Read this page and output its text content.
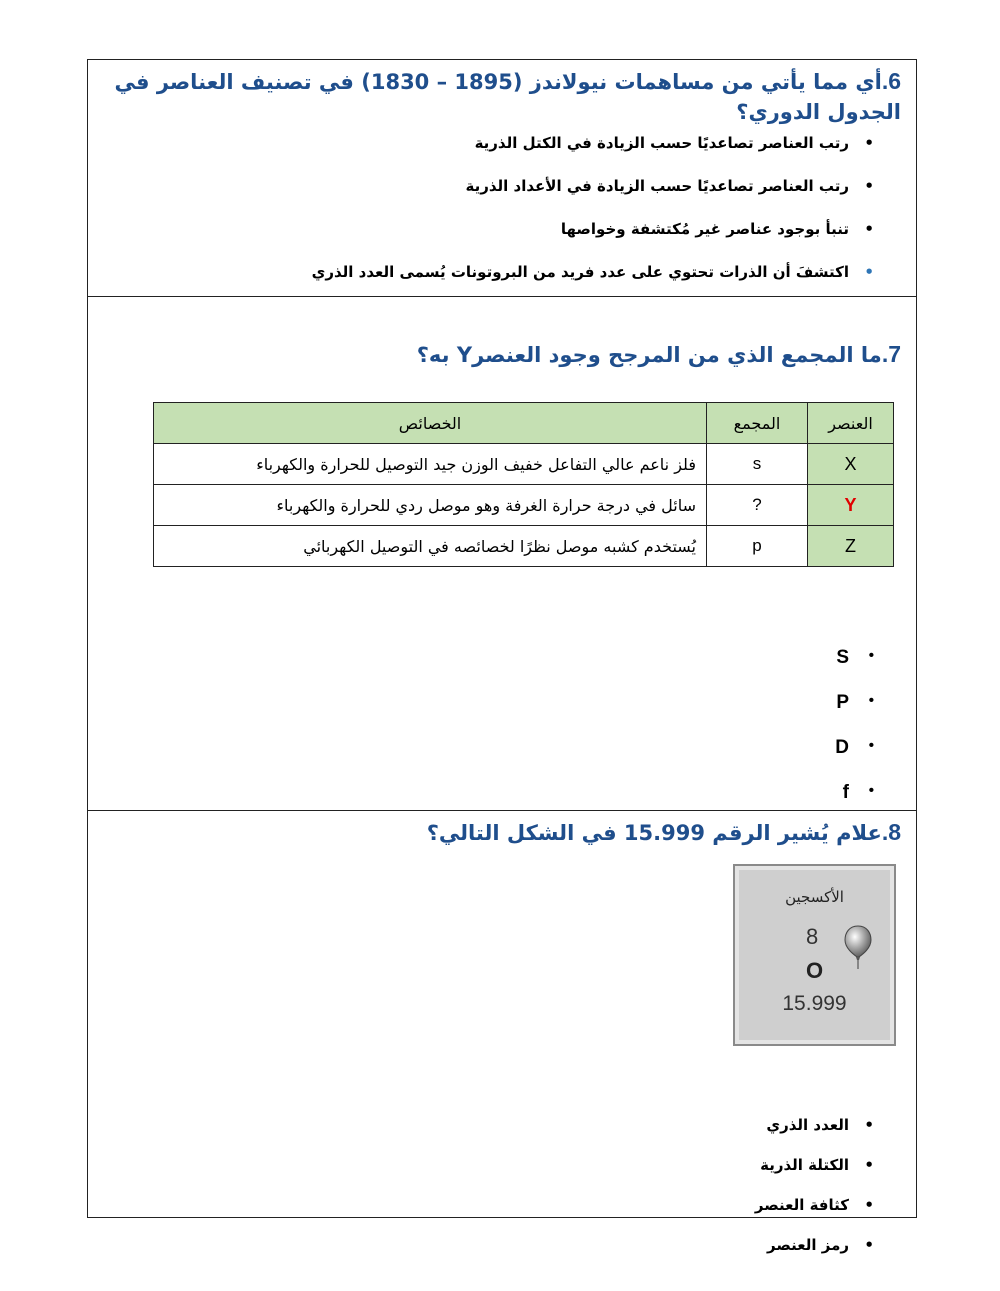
6.أي مما يأتي من مساهمات نيولاندز (1895 – 1830) في تصنيف العناصر في الجدول الدوري؟
• رتب العناصر تصاعديًا حسب الزيادة في الكتل الذرية
• رتب العناصر تصاعديًا حسب الزيادة في الأعداد الذرية
• تنبأ بوجود عناصر غير مُكتشفة وخواصها
• اكتشفَ أن الذرات تحتوي على عدد فريد من البروتونات يُسمى العدد الذري
7.ما المجمع الذي من المرجح وجود العنصرY به؟
العنصر	المجمع	الخصائص
X	s	فلز ناعم عالي التفاعل خفيف الوزن جيد التوصيل للحرارة والكهرباء
Y	?	سائل في درجة حرارة الغرفة وهو موصل ردي للحرارة والكهرباء
Z	p	يُستخدم كشبه موصل نظرًا لخصائصه في التوصيل الكهربائي
• S
• P
• D
• f
8.علام يُشير الرقم 15.999 في الشكل التالي؟
الأكسجين
8
O
15.999
• العدد الذري
• الكتلة الذرية
• كثافة العنصر
• رمز العنصر
